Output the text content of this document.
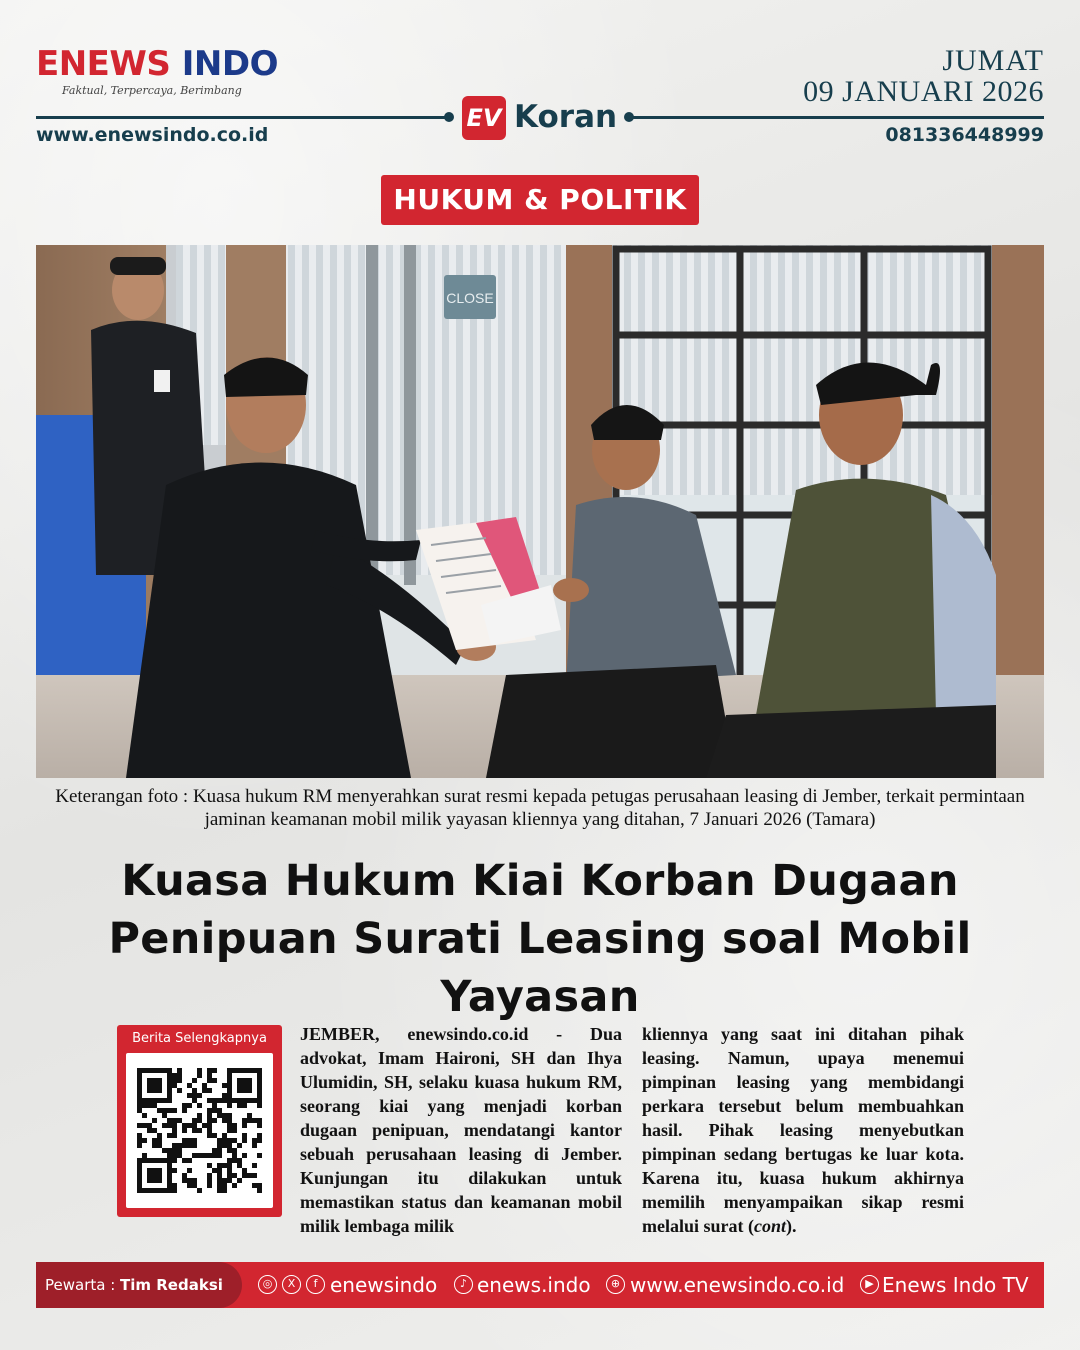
ENEWS INDO
Faktual, Terpercaya, Berimbang
JUMAT
09 JANUARI 2026
EV Koran
www.enewsindo.co.id	081336448999
HUKUM & POLITIK
CLOSE
Keterangan foto : Kuasa hukum RM menyerahkan surat resmi kepada petugas perusahaan leasing di Jember, terkait permintaan jaminan keamanan mobil milik yayasan kliennya yang ditahan, 7 Januari 2026 (Tamara)
Kuasa Hukum Kiai Korban Dugaan Penipuan Surati Leasing soal Mobil Yayasan
Berita Selengkapnya	JEMBER, enewsindo.co.id - Dua advokat, Imam Haironi, SH dan Ihya Ulumidin, SH, selaku kuasa hukum RM, seorang kiai yang menjadi korban dugaan penipuan, mendatangi kantor sebuah perusahaan leasing di Jember. Kunjungan itu dilakukan untuk memastikan status dan keamanan mobil milik lembaga milik

kliennya yang saat ini ditahan pihak leasing. Namun, upaya menemui pimpinan leasing yang membidangi perkara tersebut belum membuahkan hasil. Pihak leasing menyebutkan pimpinan sedang bertugas ke luar kota. Karena itu, kuasa hukum akhirnya memilih menyampaikan sikap resmi melalui surat (cont).

Pewarta : Tim Redaksi	◎	X	f enewsindo	♪ enews.indo	⊕ www.enewsindo.co.id	▶ Enews Indo TV
